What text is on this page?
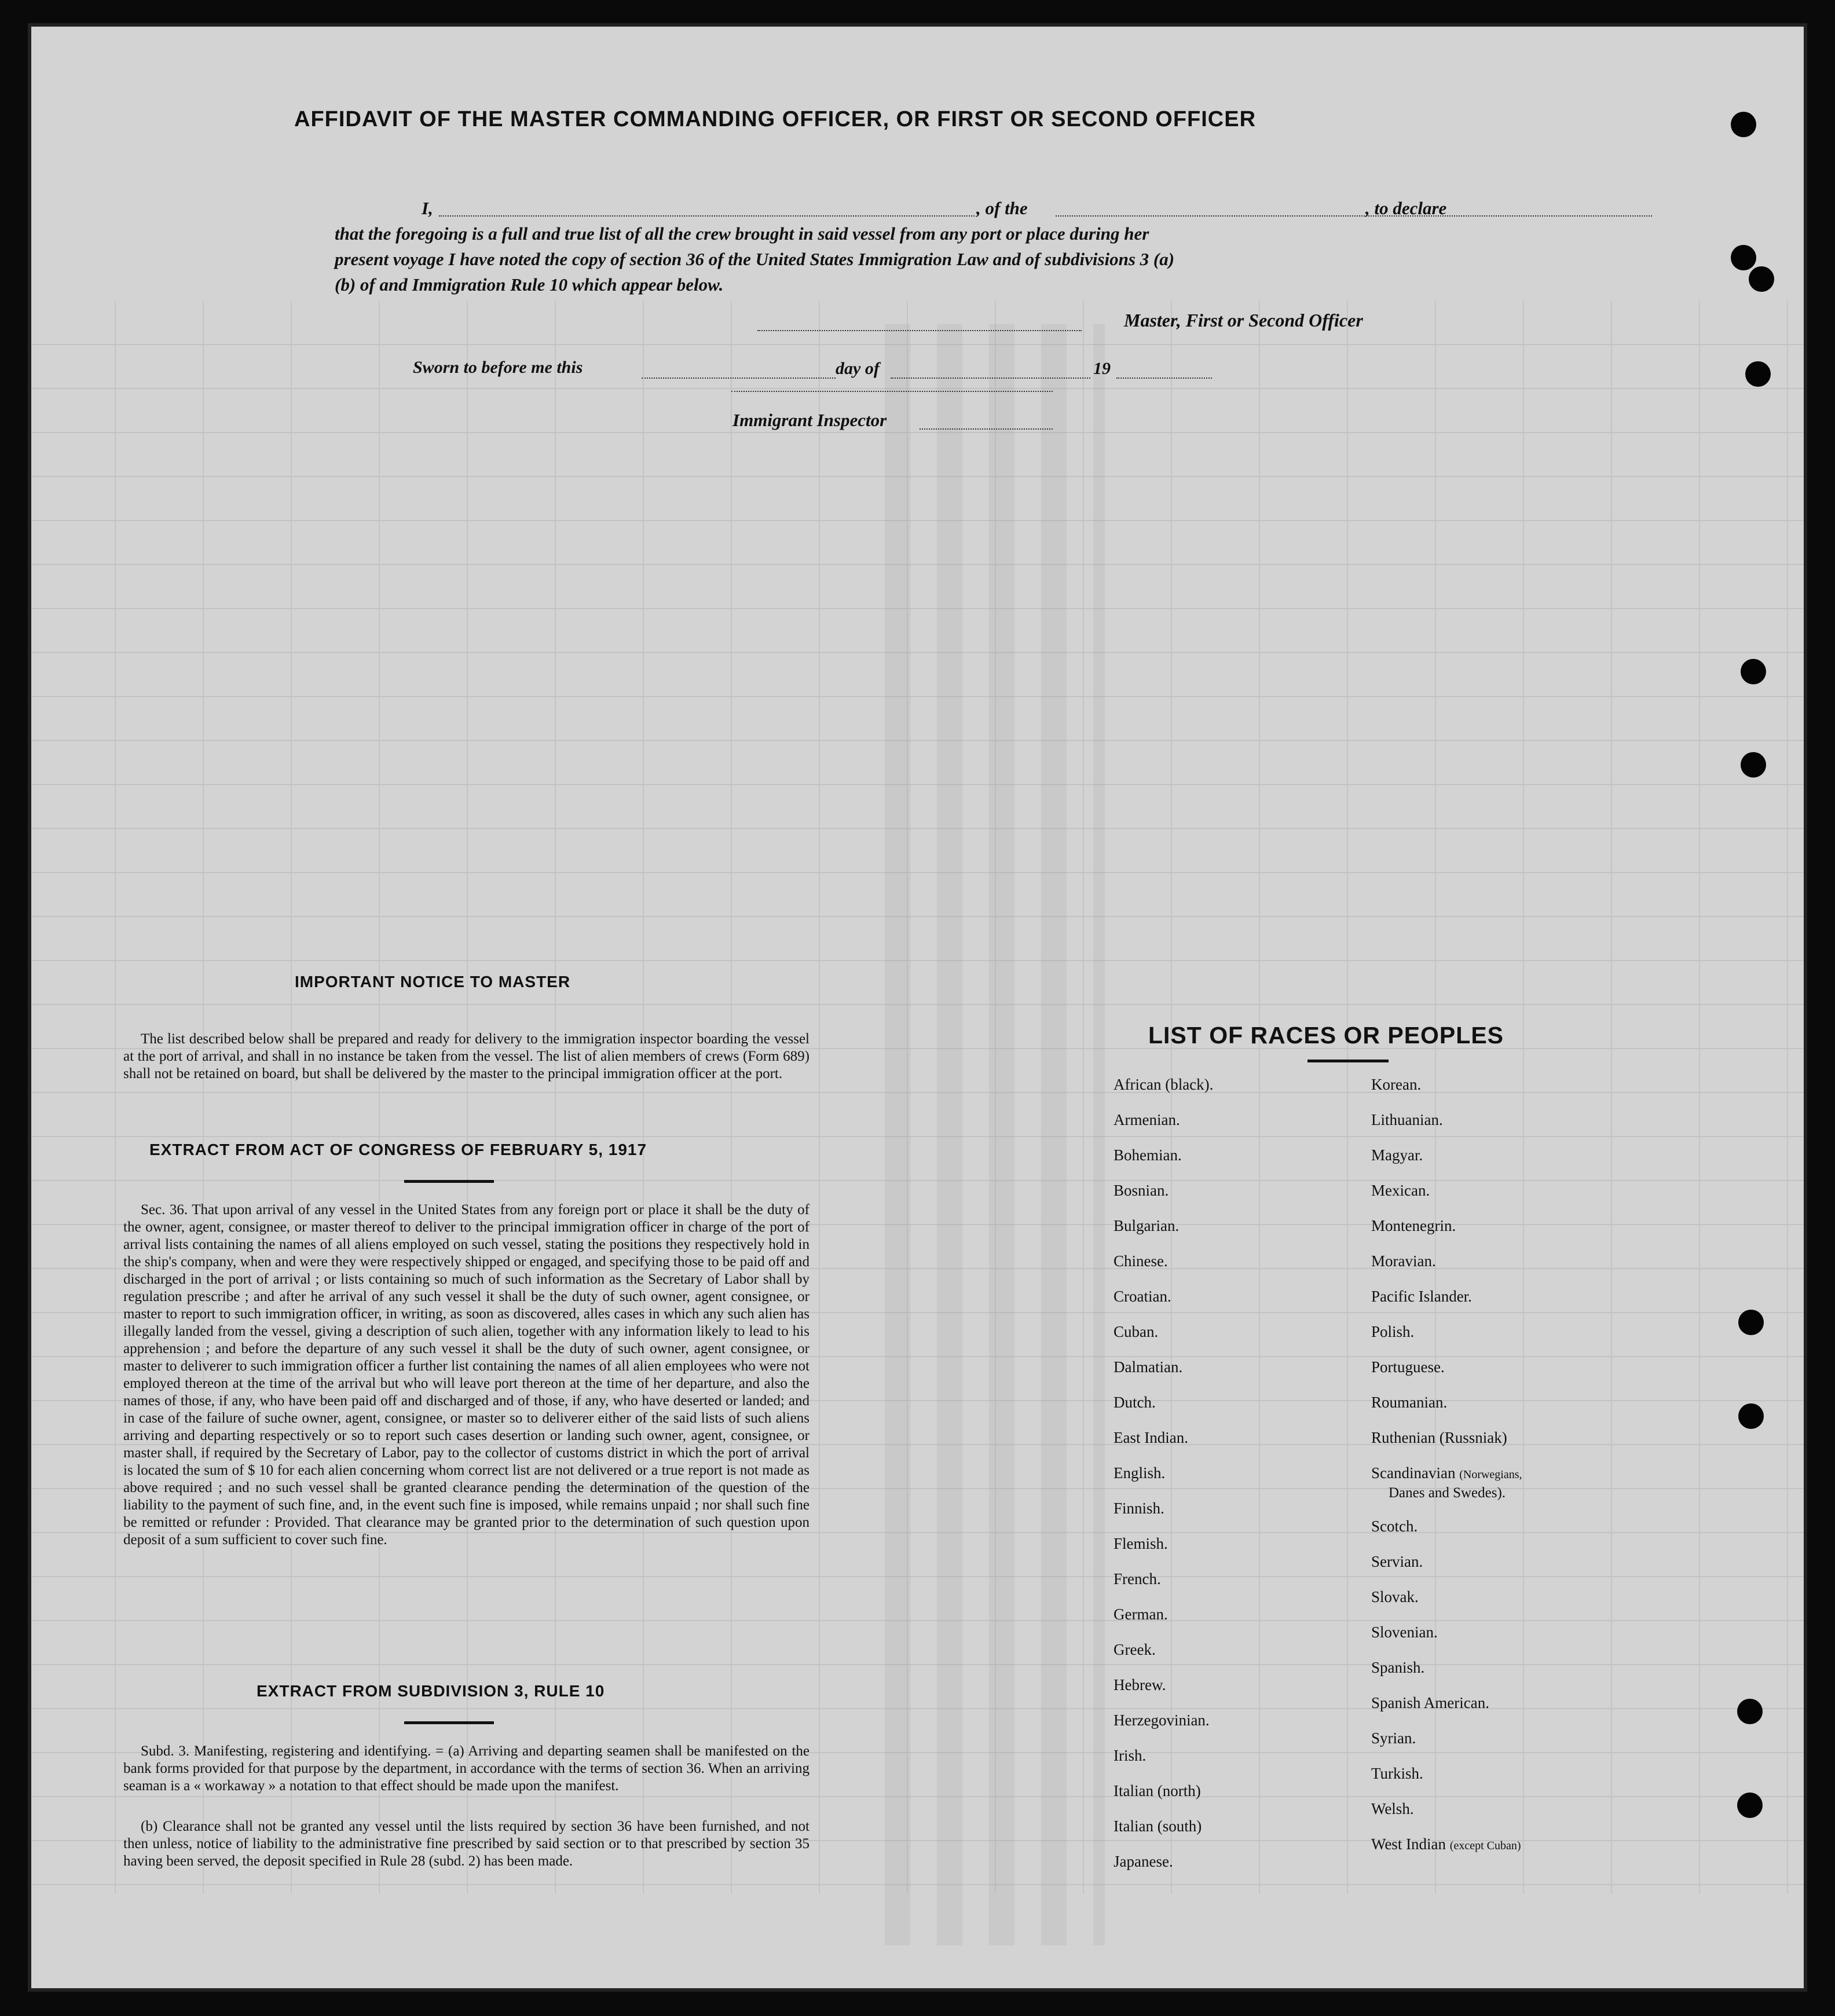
AFFIDAVIT OF THE MASTER COMMANDING OFFICER, OR FIRST OR SECOND OFFICER
I,	, of the	, to declare
that the foregoing is a full and true list of all the crew brought in said vessel from any port or place during her
present voyage I have noted the copy of section 36 of the United States Immigration Law and of subdivisions 3 (a)
(b) of and Immigration Rule 10 which appear below.
Master, First or Second Officer
Sworn to before me this	day of	19
Immigrant Inspector
IMPORTANT NOTICE TO MASTER
The list described below shall be prepared and ready for delivery to the immigration inspector boarding the vessel at the port of arrival, and shall in no instance be taken from the vessel. The list of alien members of crews (Form 689) shall not be retained on board, but shall be delivered by the master to the principal immigration officer at the port.
EXTRACT FROM ACT OF CONGRESS OF FEBRUARY 5, 1917
Sec. 36. That upon arrival of any vessel in the United States from any foreign port or place it shall be the duty of the owner, agent, consignee, or master thereof to deliver to the principal immigration officer in charge of the port of arrival lists containing the names of all aliens employed on such vessel, stating the positions they respectively hold in the ship's company, when and were they were respectively shipped or engaged, and specifying those to be paid off and discharged in the port of arrival ; or lists containing so much of such information as the Secretary of Labor shall by regulation prescribe ; and after he arrival of any such vessel it shall be the duty of such owner, agent consignee, or master to report to such immigration officer, in writing, as soon as discovered, alles cases in which any such alien has illegally landed from the vessel, giving a description of such alien, together with any information likely to lead to his apprehension ; and before the departure of any such vessel it shall be the duty of such owner, agent consignee, or master to deliverer to such immigration officer a further list containing the names of all alien employees who were not employed thereon at the time of the arrival but who will leave port thereon at the time of her departure, and also the names of those, if any, who have been paid off and discharged and of those, if any, who have deserted or landed; and in case of the failure of suche owner, agent, consignee, or master so to deliverer either of the said lists of such aliens arriving and departing respectively or so to report such cases desertion or landing such owner, agent, consignee, or master shall, if required by the Secretary of Labor, pay to the collector of customs district in which the port of arrival is located the sum of $ 10 for each alien concerning whom correct list are not delivered or a true report is not made as above required ; and no such vessel shall be granted clearance pending the determination of the question of the liability to the payment of such fine, and, in the event such fine is imposed, while remains unpaid ; nor shall such fine be remitted or refunder : Provided. That clearance may be granted prior to the determination of such question upon deposit of a sum sufficient to cover such fine.
EXTRACT FROM SUBDIVISION 3, RULE 10
Subd. 3. Manifesting, registering and identifying. = (a) Arriving and departing seamen shall be manifested on the bank forms provided for that purpose by the department, in accordance with the terms of section 36. When an arriving seaman is a « workaway » a notation to that effect should be made upon the manifest.
(b) Clearance shall not be granted any vessel until the lists required by section 36 have been furnished, and not then unless, notice of liability to the administrative fine prescribed by said section or to that prescribed by section 35 having been served, the deposit specified in Rule 28 (subd. 2) has been made.
LIST OF RACES OR PEOPLES
African (black).
Armenian.
Bohemian.
Bosnian.
Bulgarian.
Chinese.
Croatian.
Cuban.
Dalmatian.
Dutch.
East Indian.
English.
Finnish.
Flemish.
French.
German.
Greek.
Hebrew.
Herzegovinian.
Irish.
Italian (north)
Italian (south)
Japanese.
Korean.
Lithuanian.
Magyar.
Mexican.
Montenegrin.
Moravian.
Pacific Islander.
Polish.
Portuguese.
Roumanian.
Ruthenian (Russniak)
Scandinavian (Norwegians,
Danes and Swedes).
Scotch.
Servian.
Slovak.
Slovenian.
Spanish.
Spanish American.
Syrian.
Turkish.
Welsh.
West Indian (except Cuban)
